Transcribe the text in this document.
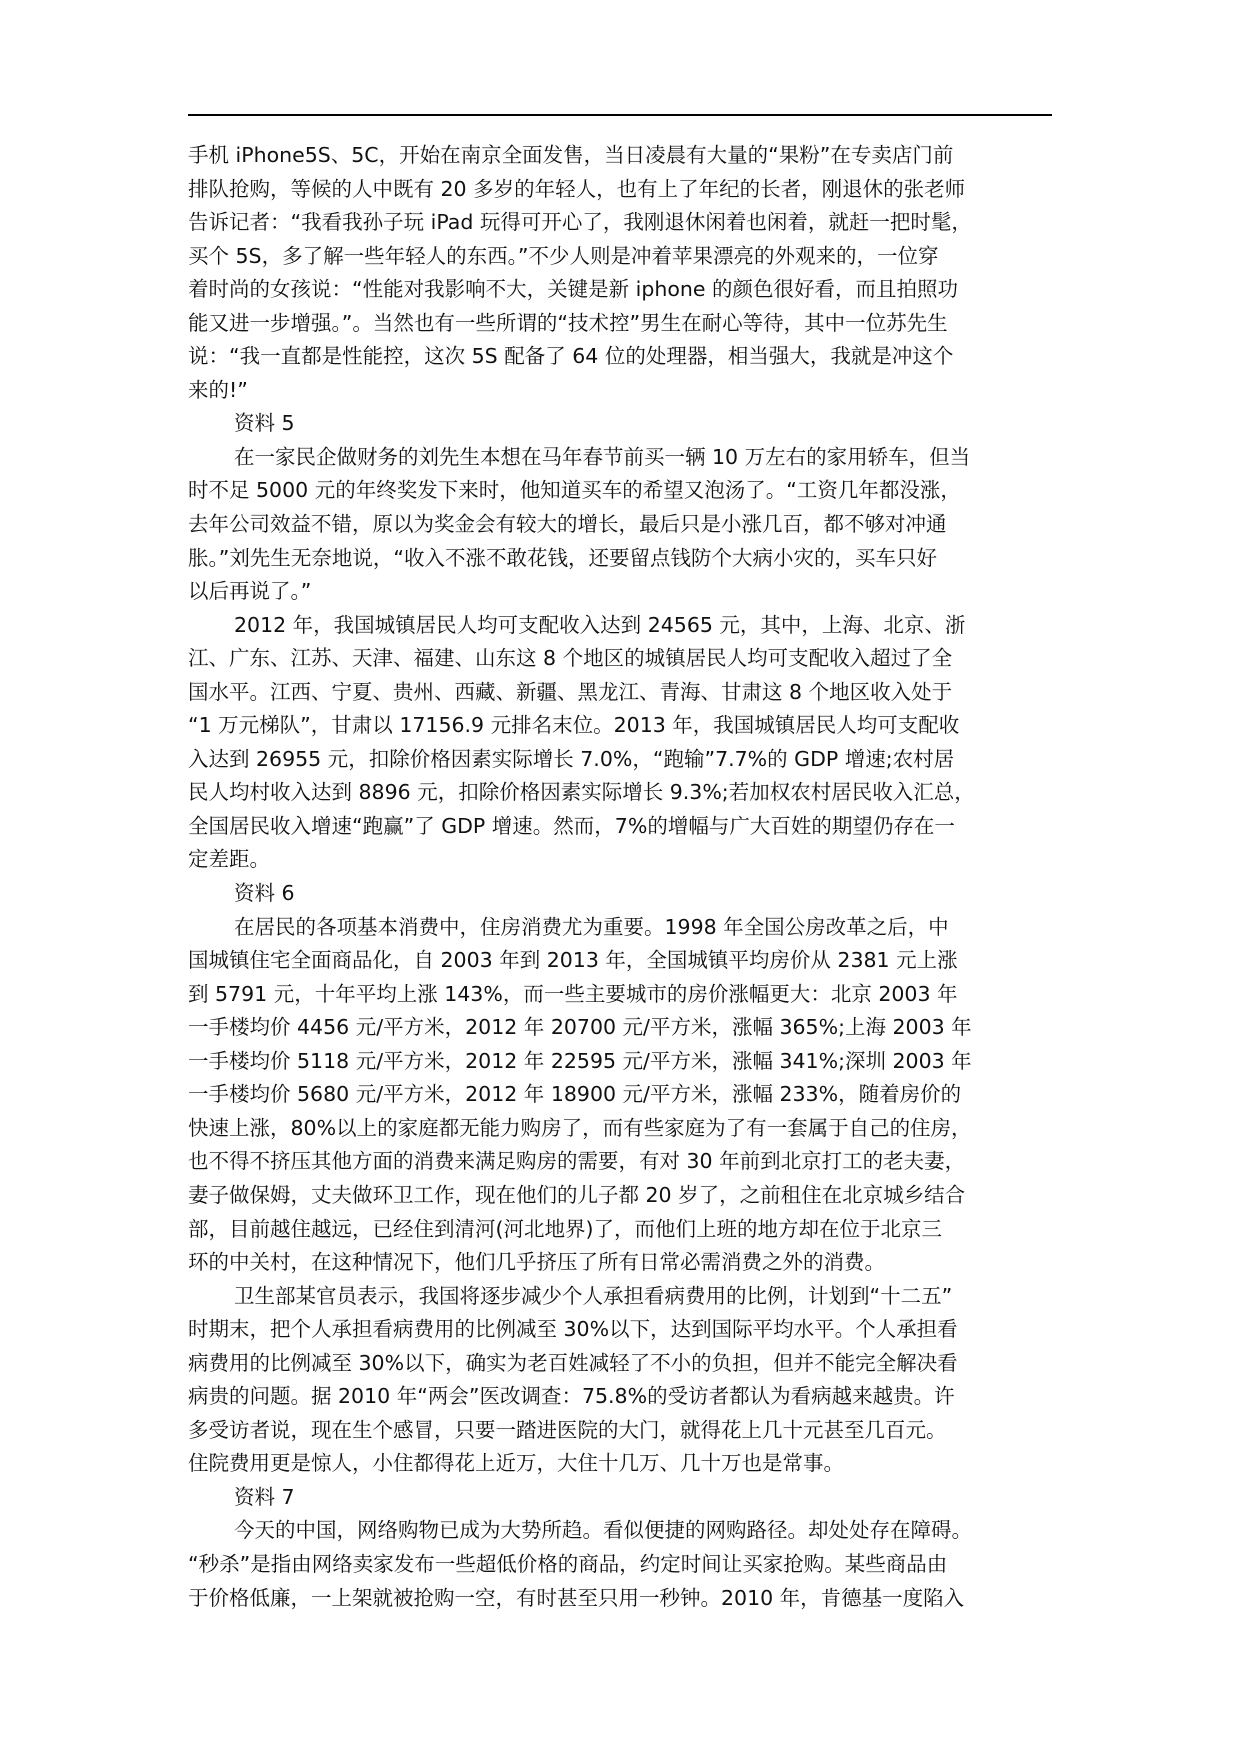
手机 iPhone5S、5C，开始在南京全面发售，当日凌晨有大量的“果粉”在专卖店门前
排队抢购，等候的人中既有 20 多岁的年轻人，也有上了年纪的长者，刚退休的张老师
告诉记者：“我看我孙子玩 iPad 玩得可开心了，我刚退休闲着也闲着，就赶一把时髦，
买个 5S，多了解一些年轻人的东西。”不少人则是冲着苹果漂亮的外观来的，一位穿
着时尚的女孩说：“性能对我影响不大，关键是新 iphone 的颜色很好看，而且拍照功
能又进一步增强。”。当然也有一些所谓的“技术控”男生在耐心等待，其中一位苏先生
说：“我一直都是性能控，这次 5S 配备了 64 位的处理器，相当强大，我就是冲这个
来的!”
资料 5
在一家民企做财务的刘先生本想在马年春节前买一辆 10 万左右的家用轿车，但当
时不足 5000 元的年终奖发下来时，他知道买车的希望又泡汤了。“工资几年都没涨，
去年公司效益不错，原以为奖金会有较大的增长，最后只是小涨几百，都不够对冲通
胀。”刘先生无奈地说，“收入不涨不敢花钱，还要留点钱防个大病小灾的，买车只好
以后再说了。”
2012 年，我国城镇居民人均可支配收入达到 24565 元，其中，上海、北京、浙
江、广东、江苏、天津、福建、山东这 8 个地区的城镇居民人均可支配收入超过了全
国水平。江西、宁夏、贵州、西藏、新疆、黑龙江、青海、甘肃这 8 个地区收入处于
“1 万元梯队”，甘肃以 17156.9 元排名末位。2013 年，我国城镇居民人均可支配收
入达到 26955 元，扣除价格因素实际增长 7.0%，“跑输”7.7%的 GDP 增速;农村居
民人均村收入达到 8896 元，扣除价格因素实际增长 9.3%;若加权农村居民收入汇总，
全国居民收入增速“跑赢”了 GDP 增速。然而，7%的增幅与广大百姓的期望仍存在一
定差距。
资料 6
在居民的各项基本消费中，住房消费尤为重要。1998 年全国公房改革之后，中
国城镇住宅全面商品化，自 2003 年到 2013 年，全国城镇平均房价从 2381 元上涨
到 5791 元，十年平均上涨 143%，而一些主要城市的房价涨幅更大：北京 2003 年
一手楼均价 4456 元/平方米，2012 年 20700 元/平方米，涨幅 365%;上海 2003 年
一手楼均价 5118 元/平方米，2012 年 22595 元/平方米，涨幅 341%;深圳 2003 年
一手楼均价 5680 元/平方米，2012 年 18900 元/平方米，涨幅 233%，随着房价的
快速上涨，80%以上的家庭都无能力购房了，而有些家庭为了有一套属于自己的住房，
也不得不挤压其他方面的消费来满足购房的需要，有对 30 年前到北京打工的老夫妻，
妻子做保姆，丈夫做环卫工作，现在他们的儿子都 20 岁了，之前租住在北京城乡结合
部，目前越住越远，已经住到清河(河北地界)了，而他们上班的地方却在位于北京三
环的中关村，在这种情况下，他们几乎挤压了所有日常必需消费之外的消费。
卫生部某官员表示，我国将逐步减少个人承担看病费用的比例，计划到“十二五”
时期末，把个人承担看病费用的比例减至 30%以下，达到国际平均水平。个人承担看
病费用的比例减至 30%以下，确实为老百姓减轻了不小的负担，但并不能完全解决看
病贵的问题。据 2010 年“两会”医改调查：75.8%的受访者都认为看病越来越贵。许
多受访者说，现在生个感冒，只要一踏进医院的大门，就得花上几十元甚至几百元。
住院费用更是惊人，小住都得花上近万，大住十几万、几十万也是常事。
资料 7
今天的中国，网络购物已成为大势所趋。看似便捷的网购路径。却处处存在障碍。
“秒杀”是指由网络卖家发布一些超低价格的商品，约定时间让买家抢购。某些商品由
于价格低廉，一上架就被抢购一空，有时甚至只用一秒钟。2010 年，肯德基一度陷入
